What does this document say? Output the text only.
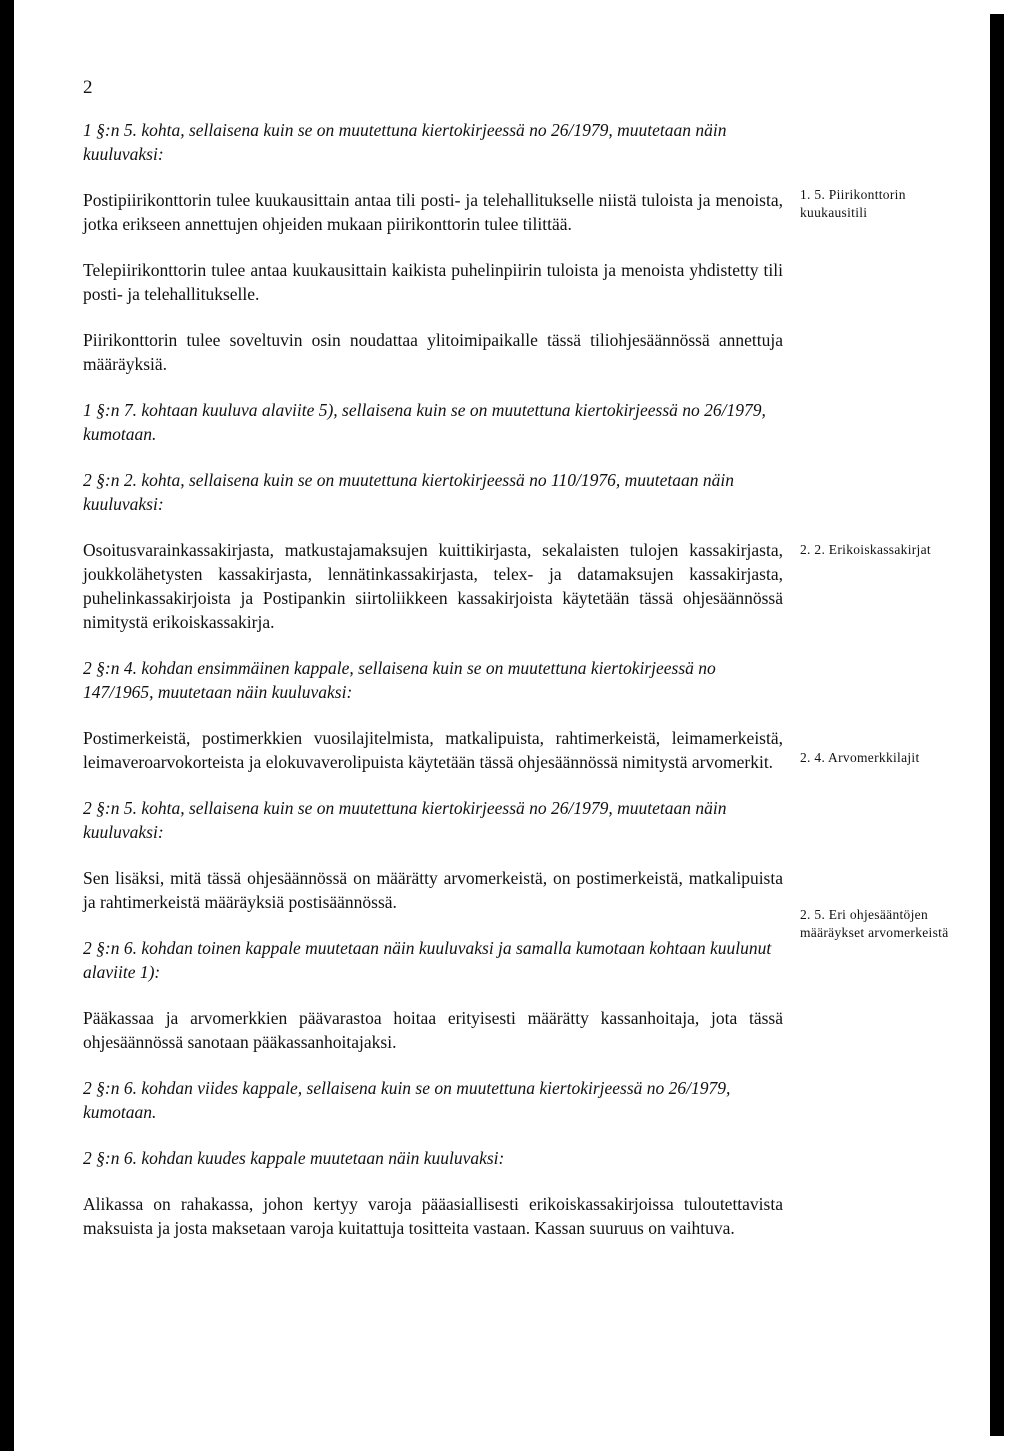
2

1 §:n 5. kohta, sellaisena kuin se on muutettuna kiertokirjeessä no 26/1979, muutetaan näin kuuluvaksi:

Postipiirikonttorin tulee kuukausittain antaa tili posti- ja telehallitukselle niistä tuloista ja menoista, jotka erikseen annettujen ohjeiden mukaan piirikonttorin tulee tilittää.

Telepiirikonttorin tulee antaa kuukausittain kaikista puhelinpiirin tuloista ja menoista yhdistetty tili posti- ja telehallitukselle.

Piirikonttorin tulee soveltuvin osin noudattaa ylitoimipaikalle tässä tiliohjesäännössä annettuja määräyksiä.

1 §:n 7. kohtaan kuuluva alaviite 5), sellaisena kuin se on muutettuna kiertokirjeessä no 26/1979, kumotaan.

2 §:n 2. kohta, sellaisena kuin se on muutettuna kiertokirjeessä no 110/1976, muutetaan näin kuuluvaksi:

Osoitusvarainkassakirjasta, matkustajamaksujen kuittikirjasta, sekalaisten tulojen kassakirjasta, joukkolähetysten kassakirjasta, lennätinkassakirjasta, telex- ja datamaksujen kassakirjasta, puhelinkassakirjoista ja Postipankin siirtoliikkeen kassakirjoista käytetään tässä ohjesäännössä nimitystä erikoiskassakirja.

2 §:n 4. kohdan ensimmäinen kappale, sellaisena kuin se on muutettuna kiertokirjeessä no 147/1965, muutetaan näin kuuluvaksi:

Postimerkeistä, postimerkkien vuosilajitelmista, matkalipuista, rahtimerkeistä, leimamerkeistä, leimaveroarvokorteista ja elokuvaverolipuista käytetään tässä ohjesäännössä nimitystä arvomerkit.

2 §:n 5. kohta, sellaisena kuin se on muutettuna kiertokirjeessä no 26/1979, muutetaan näin kuuluvaksi:

Sen lisäksi, mitä tässä ohjesäännössä on määrätty arvomerkeistä, on postimerkeistä, matkalipuista ja rahtimerkeistä määräyksiä postisäännössä.

2 §:n 6. kohdan toinen kappale muutetaan näin kuuluvaksi ja samalla kumotaan kohtaan kuulunut alaviite 1):

Pääkassaa ja arvomerkkien päävarastoa hoitaa erityisesti määrätty kassanhoitaja, jota tässä ohjesäännössä sanotaan pääkassanhoitajaksi.

2 §:n 6. kohdan viides kappale, sellaisena kuin se on muutettuna kiertokirjeessä no 26/1979, kumotaan.

2 §:n 6. kohdan kuudes kappale muutetaan näin kuuluvaksi:

Alikassa on rahakassa, johon kertyy varoja pääasiallisesti erikoiskassakirjoissa tuloutettavista maksuista ja josta maksetaan varoja kuitattuja tositteita vastaan. Kassan suuruus on vaihtuva.

1. 5. Piirikonttorin kuukausitili
2. 2. Erikoiskassakirjat
2. 4. Arvomerkkilajit
2. 5. Eri ohjesääntöjen määräykset arvomerkeistä
